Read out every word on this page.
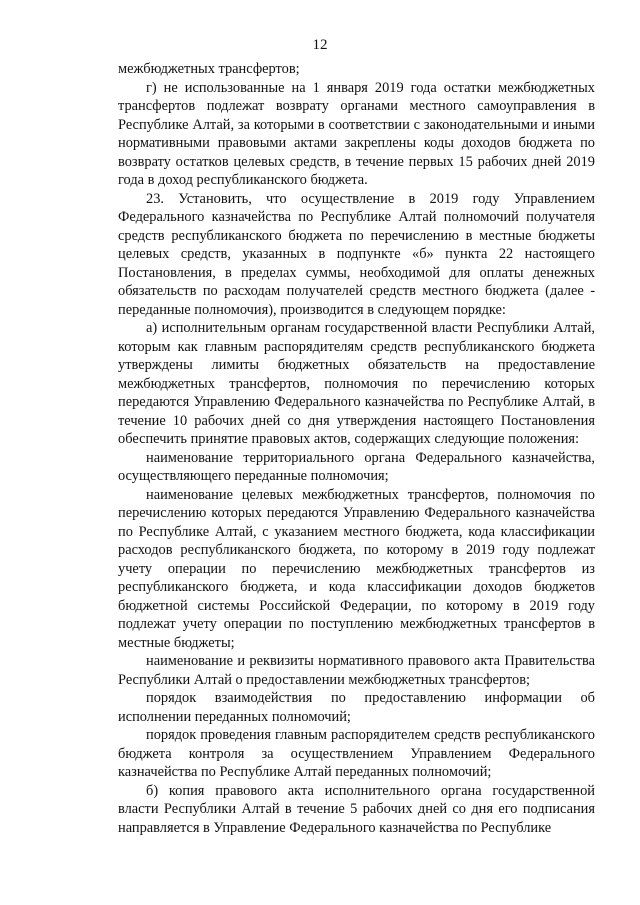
12

межбюджетных трансфертов;

г) не использованные на 1 января 2019 года остатки межбюджетных трансфертов подлежат возврату органами местного самоуправления в Республике Алтай, за которыми в соответствии с законодательными и иными нормативными правовыми актами закреплены коды доходов бюджета по возврату остатков целевых средств, в течение первых 15 рабочих дней 2019 года в доход республиканского бюджета.

23. Установить, что осуществление в 2019 году Управлением Федерального казначейства по Республике Алтай полномочий получателя средств республиканского бюджета по перечислению в местные бюджеты целевых средств, указанных в подпункте «б» пункта 22 настоящего Постановления, в пределах суммы, необходимой для оплаты денежных обязательств по расходам получателей средств местного бюджета (далее - переданные полномочия), производится в следующем порядке:

а) исполнительным органам государственной власти Республики Алтай, которым как главным распорядителям средств республиканского бюджета утверждены лимиты бюджетных обязательств на предоставление межбюджетных трансфертов, полномочия по перечислению которых передаются Управлению Федерального казначейства по Республике Алтай, в течение 10 рабочих дней со дня утверждения настоящего Постановления обеспечить принятие правовых актов, содержащих следующие положения:

наименование территориального органа Федерального казначейства, осуществляющего переданные полномочия;

наименование целевых межбюджетных трансфертов, полномочия по перечислению которых передаются Управлению Федерального казначейства по Республике Алтай, с указанием местного бюджета, кода классификации расходов республиканского бюджета, по которому в 2019 году подлежат учету операции по перечислению межбюджетных трансфертов из республиканского бюджета, и кода классификации доходов бюджетов бюджетной системы Российской Федерации, по которому в 2019 году подлежат учету операции по поступлению межбюджетных трансфертов в местные бюджеты;

наименование и реквизиты нормативного правового акта Правительства Республики Алтай о предоставлении межбюджетных трансфертов;

порядок взаимодействия по предоставлению информации об исполнении переданных полномочий;

порядок проведения главным распорядителем средств республиканского бюджета контроля за осуществлением Управлением Федерального казначейства по Республике Алтай переданных полномочий;

б) копия правового акта исполнительного органа государственной власти Республики Алтай в течение 5 рабочих дней со дня его подписания направляется в Управление Федерального казначейства по Республике
